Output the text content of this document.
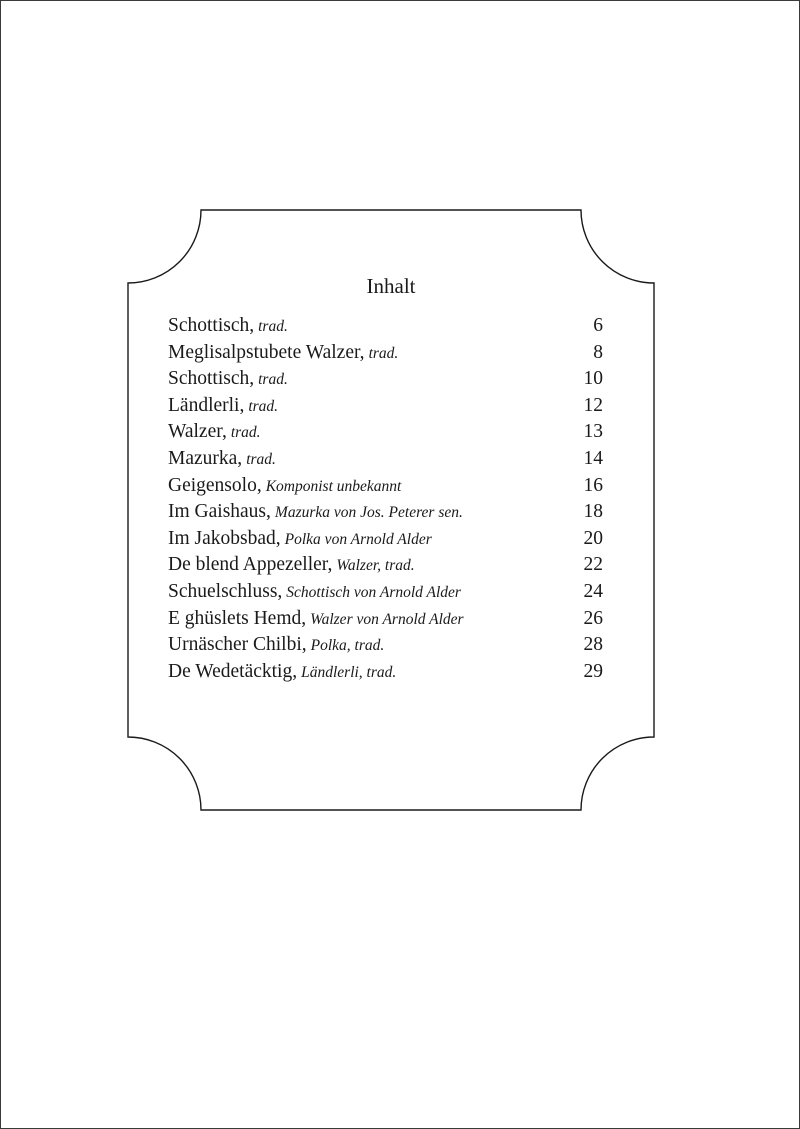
Inhalt
Schottisch, trad.	6
Meglisalpstubete Walzer, trad.	8
Schottisch, trad.	10
Ländlerli, trad.	12
Walzer, trad.	13
Mazurka, trad.	14
Geigensolo, Komponist unbekannt	16
Im Gaishaus, Mazurka von Jos. Peterer sen.	18
Im Jakobsbad, Polka von Arnold Alder	20
De blend Appezeller, Walzer, trad.	22
Schuelschluss, Schottisch von Arnold Alder	24
E ghüslets Hemd, Walzer von Arnold Alder	26
Urnäscher Chilbi, Polka, trad.	28
De Wedetäcktig, Ländlerli, trad.	29
